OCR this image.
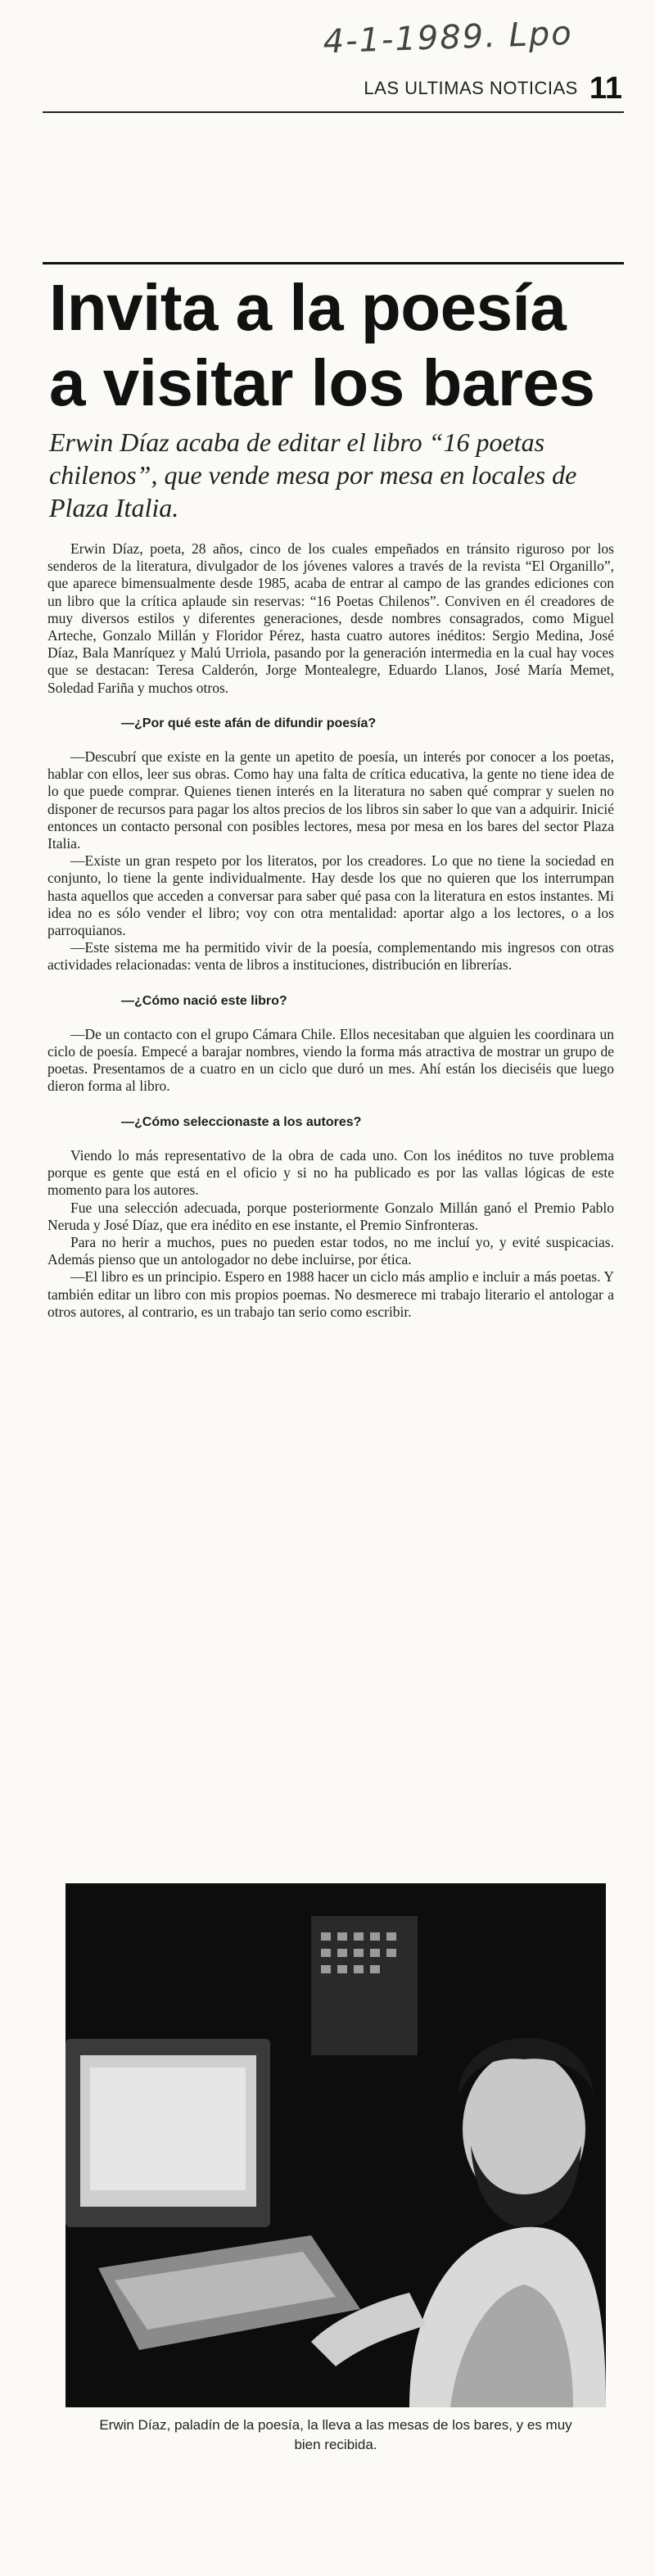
4-1-1989. Lpo
LAS ULTIMAS NOTICIAS 11
Invita a la poesía
a visitar los bares
Erwin Díaz acaba de editar el libro “16 poetas chilenos”, que vende mesa por mesa en locales de Plaza Italia.

Erwin Díaz, poeta, 28 años, cinco de los cuales empeñados en tránsito riguroso por los senderos de la literatura, divulgador de los jóvenes valores a través de la revista “El Organillo”, que aparece bimensualmente desde 1985, acaba de entrar al campo de las grandes ediciones con un libro que la crítica aplaude sin reservas: “16 Poetas Chilenos”. Conviven en él creadores de muy diversos estilos y diferentes generaciones, desde nombres consagrados, como Miguel Arteche, Gonzalo Millán y Floridor Pérez, hasta cuatro autores inéditos: Sergio Medina, José Díaz, Bala Manríquez y Malú Urriola, pasando por la generación intermedia en la cual hay voces que se destacan: Teresa Calderón, Jorge Montealegre, Eduardo Llanos, José María Memet, Soledad Fariña y muchos otros.

—¿Por qué este afán de difundir poesía?

—Descubrí que existe en la gente un apetito de poesía, un interés por conocer a los poetas, hablar con ellos, leer sus obras. Como hay una falta de crítica educativa, la gente no tiene idea de lo que puede comprar. Quienes tienen interés en la literatura no saben qué comprar y suelen no disponer de recursos para pagar los altos precios de los libros sin saber lo que van a adquirir. Inicié entonces un contacto personal con posibles lectores, mesa por mesa en los bares del sector Plaza Italia.

—Existe un gran respeto por los literatos, por los creadores. Lo que no tiene la sociedad en conjunto, lo tiene la gente individualmente. Hay desde los que no quieren que los interrumpan hasta aquellos que acceden a conversar para saber qué pasa con la literatura en estos instantes. Mi idea no es sólo vender el libro; voy con otra mentalidad: aportar algo a los lectores, o a los parroquianos.

—Este sistema me ha permitido vivir de la poesía, complementando mis ingresos con otras actividades relacionadas: venta de libros a instituciones, distribución en librerías.

—¿Cómo nació este libro?

—De un contacto con el grupo Cámara Chile. Ellos necesitaban que alguien les coordinara un ciclo de poesía. Empecé a barajar nombres, viendo la forma más atractiva de mostrar un grupo de poetas. Presentamos de a cuatro en un ciclo que duró un mes. Ahí están los dieciséis que luego dieron forma al libro.

—¿Cómo seleccionaste a los autores?

Viendo lo más representativo de la obra de cada uno. Con los inéditos no tuve problema porque es gente que está en el oficio y si no ha publicado es por las vallas lógicas de este momento para los autores.

Fue una selección adecuada, porque posteriormente Gonzalo Millán ganó el Premio Pablo Neruda y José Díaz, que era inédito en ese instante, el Premio Sinfronteras.

Para no herir a muchos, pues no pueden estar todos, no me incluí yo, y evité suspicacias. Además pienso que un antologador no debe incluirse, por ética.

—El libro es un principio. Espero en 1988 hacer un ciclo más amplio e incluir a más poetas. Y también editar un libro con mis propios poemas. No desmerece mi trabajo literario el antologar a otros autores, al contrario, es un trabajo tan serio como escribir.

Erwin Díaz, paladín de la poesía, la lleva a las mesas de los bares, y es muy bien recibida.
